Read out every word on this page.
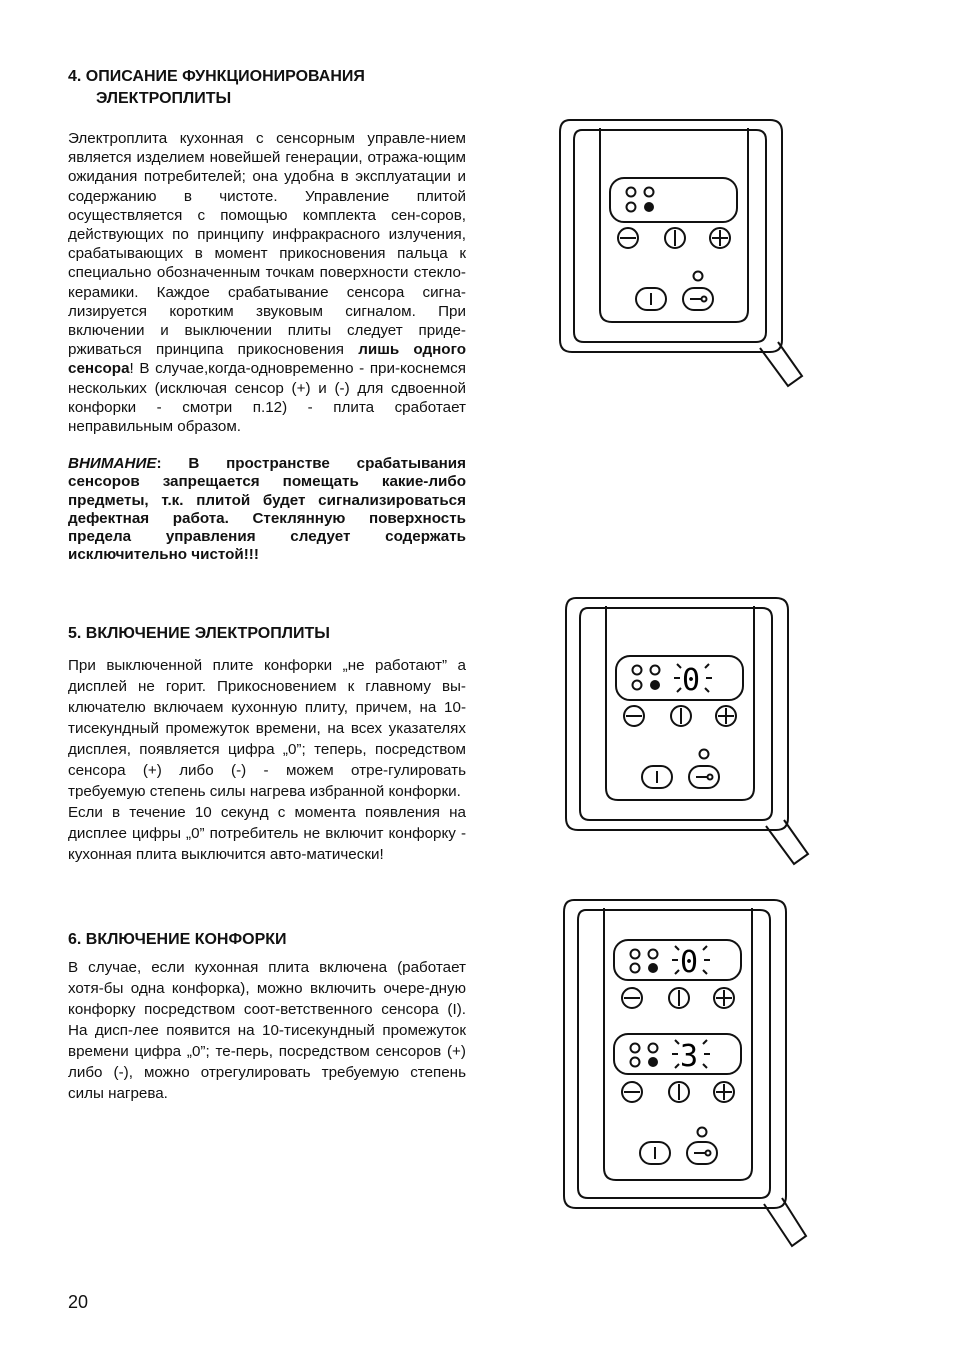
4. ОПИСАНИЕ ФУНКЦИОНИРОВАНИЯ
ЭЛЕКТРОПЛИТЫ

Электроплита кухонная с сенсорным управле-нием является изделием новейшей генерации, отража-ющим ожидания потребителей; она удобна в эксплуатации и содержанию в чистоте. Управление плитой осуществляется с помощью комплекта сен-соров, действующих по принципу инфракрасного излучения, срабатывающих в момент прикосновения пальца к специально обозначенным точкам поверхности стекло-керамики. Каждое срабатывание сенсора сигна-лизируется коротким звуковым сигналом. При включении и выключении плиты следует приде-рживаться принципа прикосновения лишь одного сенсора! В случае,когда-одновременно - при-коснемся нескольких (исключая сенсор (+) и (-) для сдвоенной конфорки - смотри п.12) - плита сработает неправильным образом.

ВНИМАНИЕ: В пространстве срабатывания сенсоров запрещается помещать какие-либо предметы, т.к. плитой будет сигнализироваться дефектная работа. Стеклянную поверхность предела управления следует содержать исключительно чистой!!!

5. ВКЛЮЧЕНИЕ ЭЛЕКТРОПЛИТЫ

При выключенной плите конфорки „не работают” а дисплей не горит. Прикосновением к главному вы-ключателю включаем кухонную плиту, причем, на 10-тисекундный промежуток времени, на всех указателях дисплея, появляется цифра „0”; теперь, посредством сенсора (+) либо (-) - можем отре-гулировать требуемую степень силы нагрева избранной конфорки.

Если в течение 10 секунд с момента появления на дисплее цифры „0” потребитель не включит конфорку - кухонная плита выключится авто-матически!

6. ВКЛЮЧЕНИЕ КОНФОРКИ

В случае, если кухонная плита включена (работает хотя-бы одна конфорка), можно включить очере-дную конфорку посредством соот-ветственного сенсора (I). На дисп-лее появится на 10-тисекундный промежуток времени цифра „0”; те-перь, посредством сенсоров (+) либо (-), можно отрегулировать требуемую степень силы нагрева.

20
0
0
3
